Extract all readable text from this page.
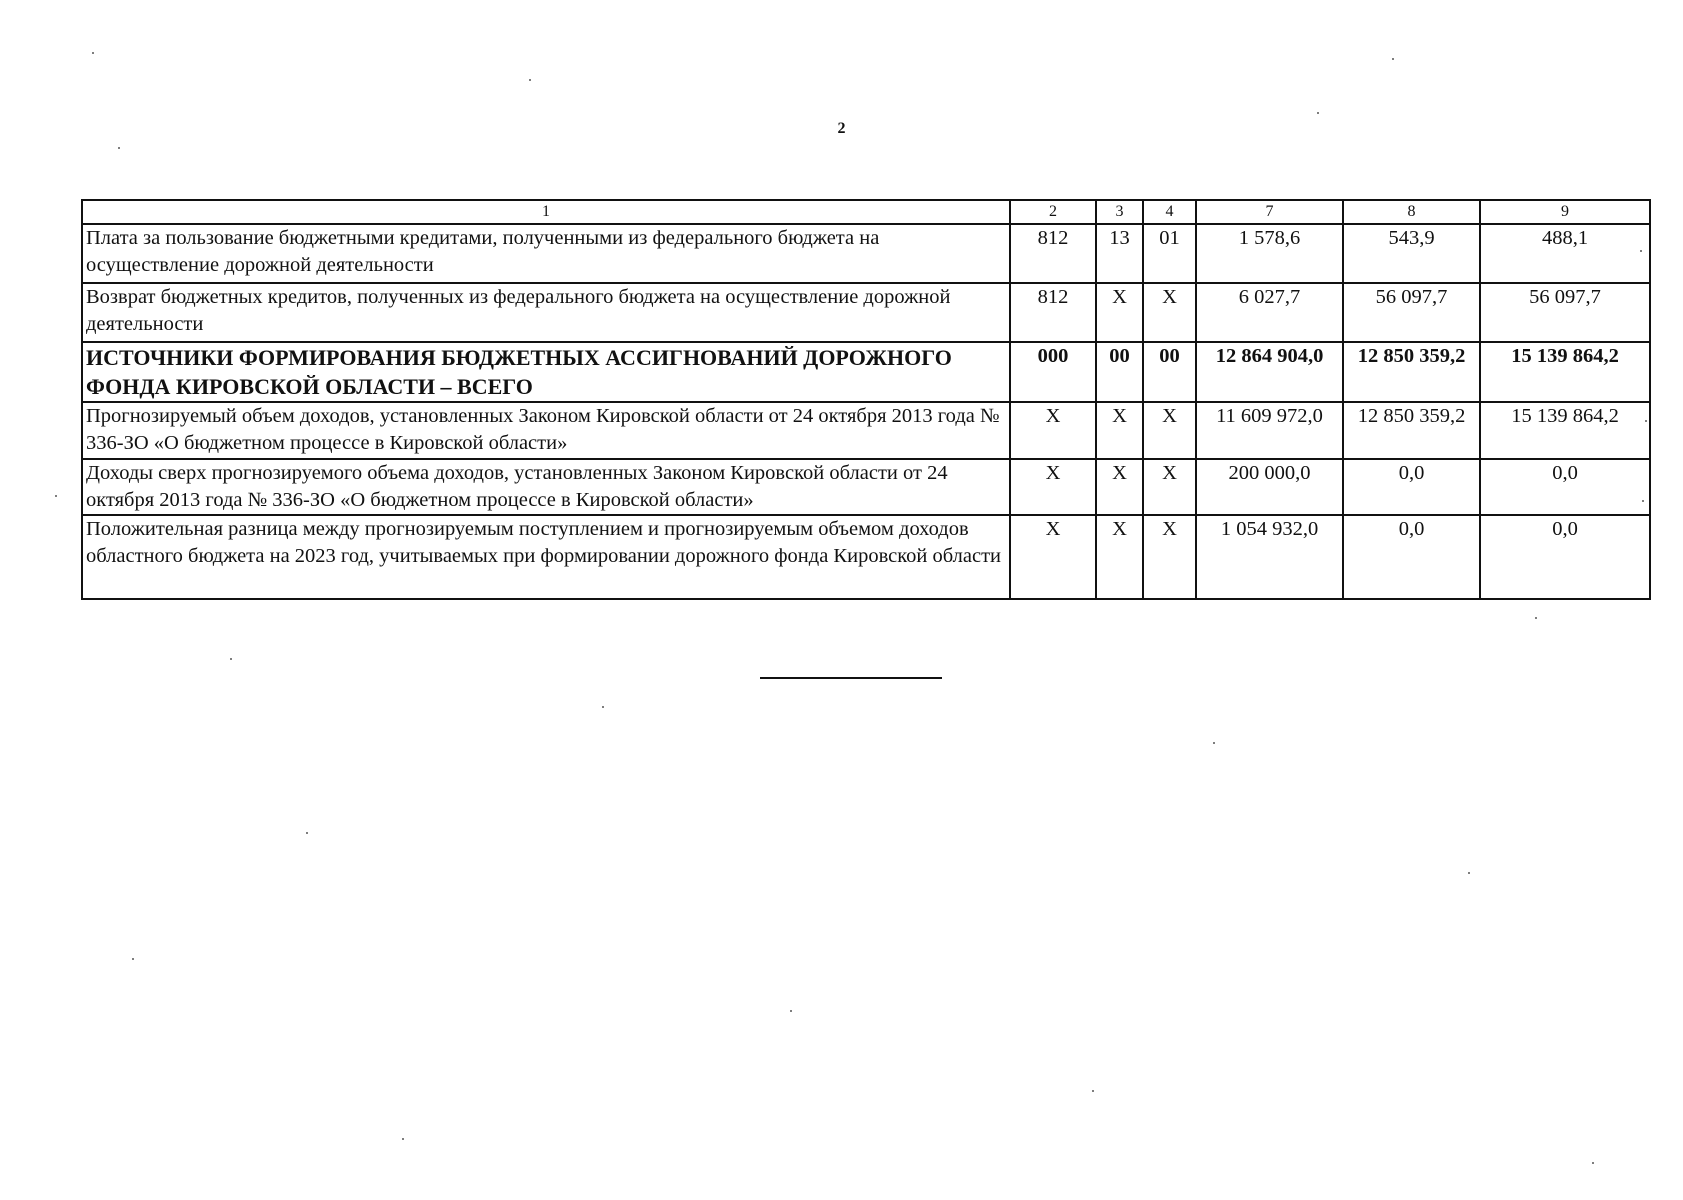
2
1	2	3	4	7	8	9
Плата за пользование бюджетными кредитами, полученными из федерального бюджета на осуществление дорожной деятельности	812	13	01	1 578,6	543,9	488,1
Возврат бюджетных кредитов, полученных из федерального бюджета на осуществление дорожной деятельности	812	X	X	6 027,7	56 097,7	56 097,7
ИСТОЧНИКИ ФОРМИРОВАНИЯ БЮДЖЕТНЫХ АССИГНОВАНИЙ ДОРОЖНОГО ФОНДА КИРОВСКОЙ ОБЛАСТИ – ВСЕГО	000	00	00	12 864 904,0	12 850 359,2	15 139 864,2
Прогнозируемый объем доходов, установленных Законом Кировской области от 24 октября 2013 года № 336-ЗО «О бюджетном процессе в Кировской области»	X	X	X	11 609 972,0	12 850 359,2	15 139 864,2
Доходы сверх прогнозируемого объема доходов, установленных Законом Кировской области от 24 октября 2013 года № 336-ЗО «О бюджетном процессе в Кировской области»	X	X	X	200 000,0	0,0	0,0
Положительная разница между прогнозируемым поступлением и прогнозируемым объемом доходов областного бюджета на 2023 год, учитываемых при формировании дорожного фонда Кировской области	X	X	X	1 054 932,0	0,0	0,0
